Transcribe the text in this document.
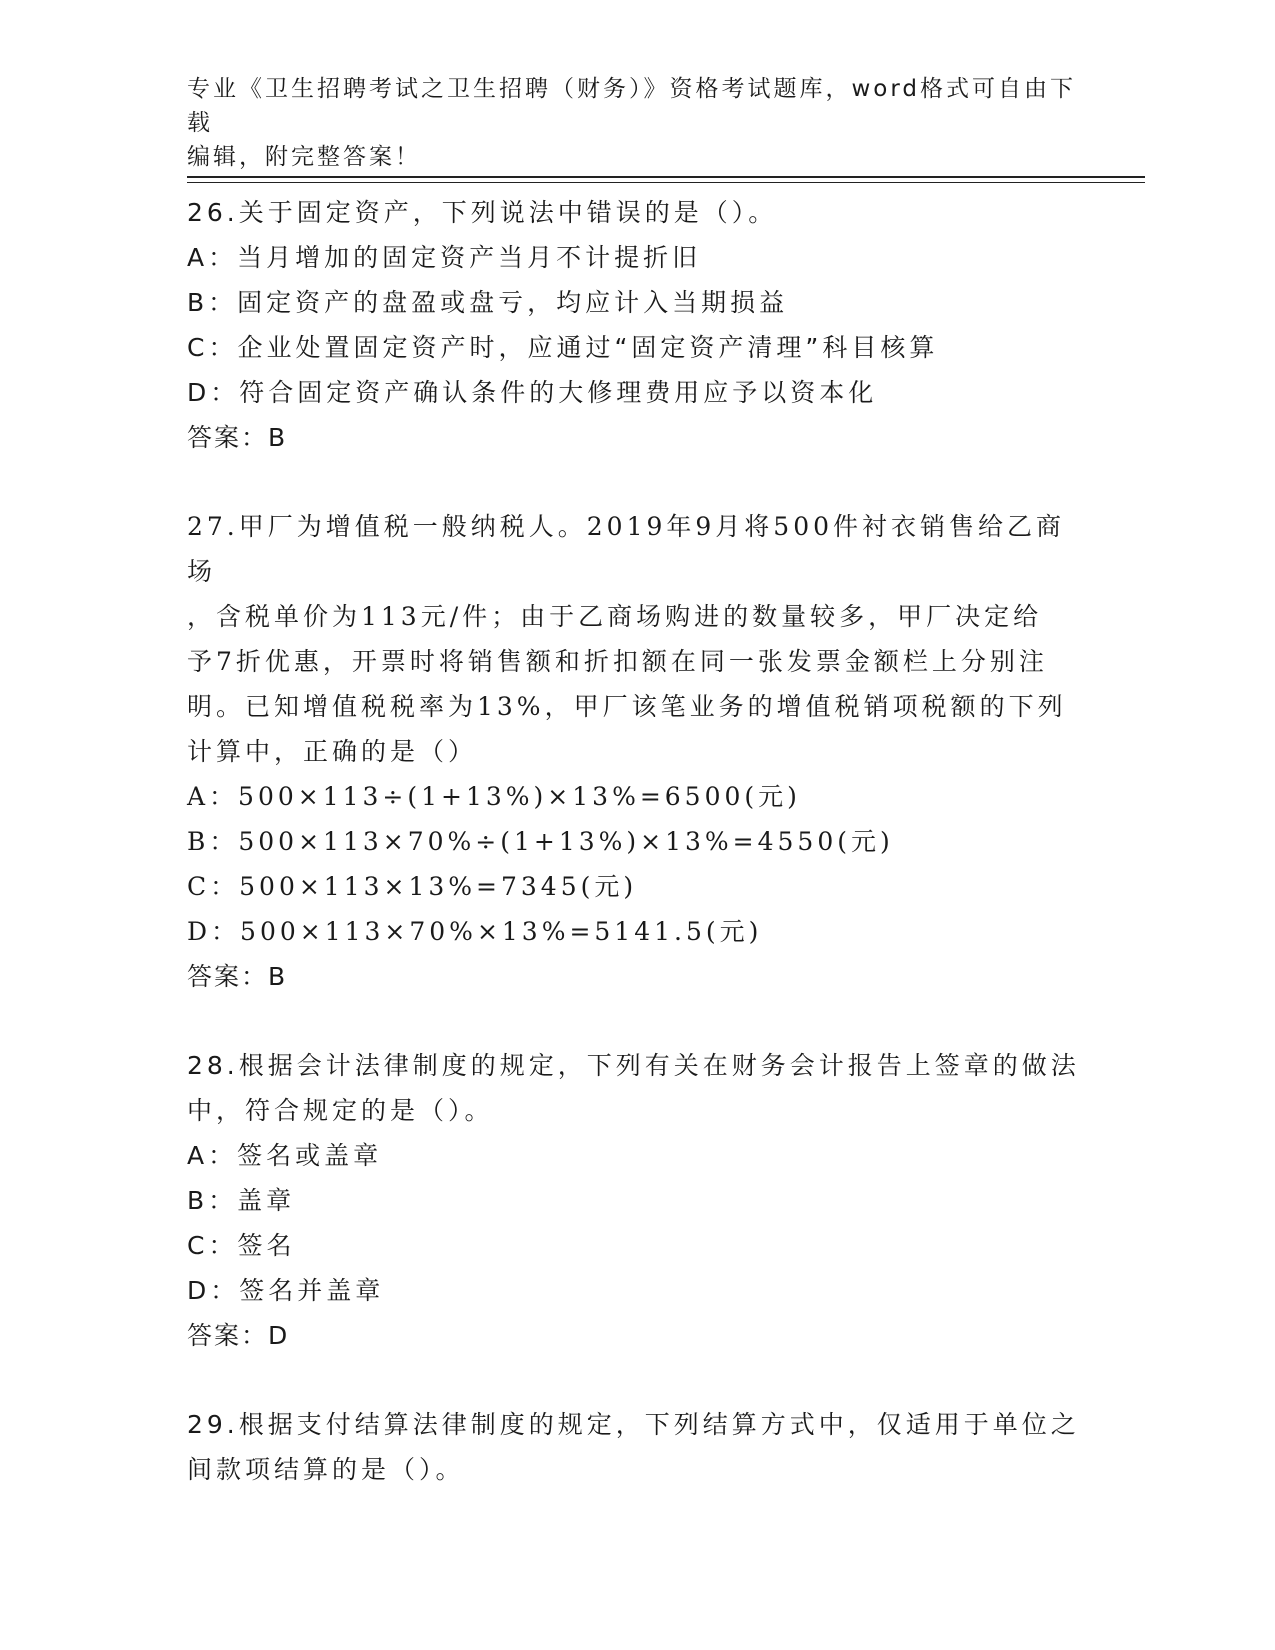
专业《卫生招聘考试之卫生招聘（财务）》资格考试题库，word格式可自由下载
编辑，附完整答案！
26.关于固定资产，下列说法中错误的是（）。
A：当月增加的固定资产当月不计提折旧
B：固定资产的盘盈或盘亏，均应计入当期损益
C：企业处置固定资产时，应通过“固定资产清理”科目核算
D：符合固定资产确认条件的大修理费用应予以资本化
答案：B
27.甲厂为增值税一般纳税人。2019年9月将500件衬衣销售给乙商场
，含税单价为113元/件；由于乙商场购进的数量较多，甲厂决定给
予7折优惠，开票时将销售额和折扣额在同一张发票金额栏上分别注
明。已知增值税税率为13%，甲厂该笔业务的增值税销项税额的下列
计算中，正确的是（）
A：500×113÷(1+13%)×13%=6500(元)
B：500×113×70%÷(1+13%)×13%=4550(元)
C：500×113×13%=7345(元)
D：500×113×70%×13%=5141.5(元)
答案：B
28.根据会计法律制度的规定，下列有关在财务会计报告上签章的做法
中，符合规定的是（）。
A：签名或盖章
B：盖章
C：签名
D：签名并盖章
答案：D
29.根据支付结算法律制度的规定，下列结算方式中，仅适用于单位之
间款项结算的是（）。
